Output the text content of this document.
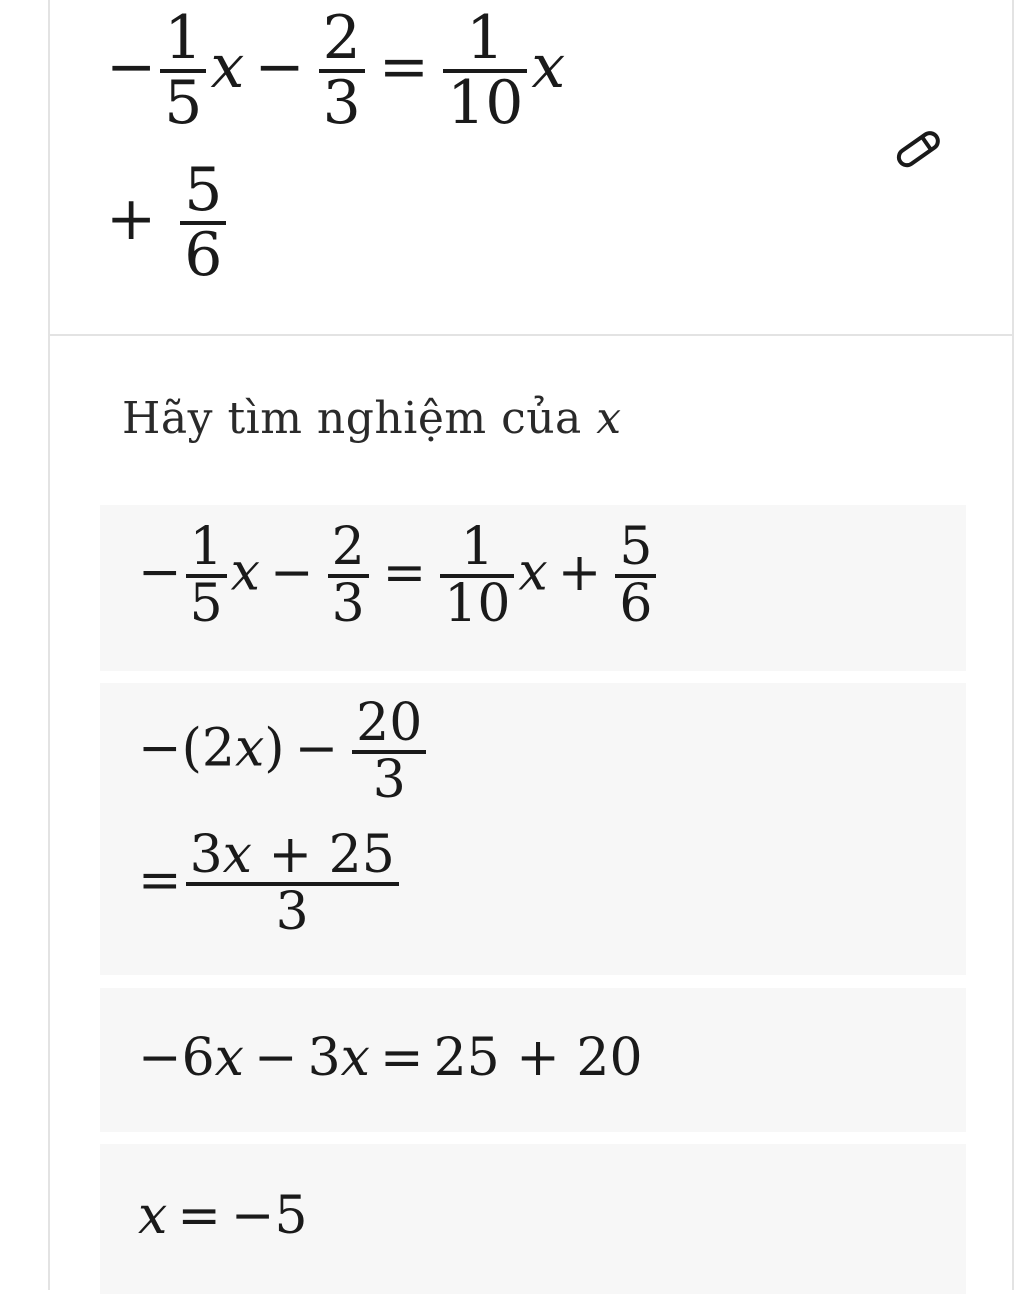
− $\frac{1}{5}$ $x - \frac{2}{3} = \frac{1}{10}$ x
+ $\frac{5}{6}$
Hãy tìm nghiệm của x
− $\frac{1}{5}$ $x - \frac{2}{3} = \frac{1}{10}$ $x + \frac{5}{6}$
$-(2x) - \frac{20}{3}$
= $\frac{3x + 25}{3}$
−6x − 3x = 25 + 20
x = −5
